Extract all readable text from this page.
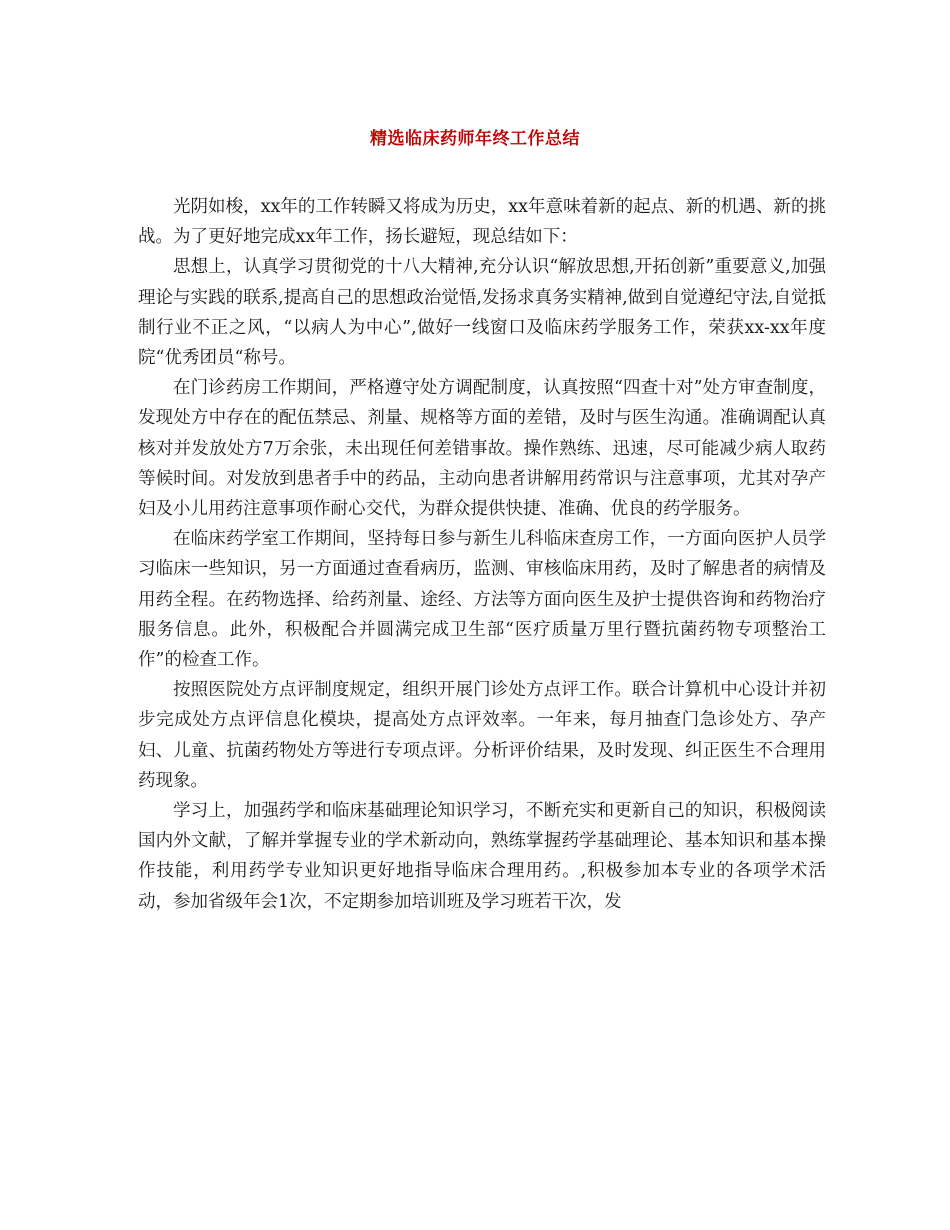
精选临床药师年终工作总结

光阴如梭，xx年的工作转瞬又将成为历史，xx年意味着新的起点、新的机遇、新的挑战。为了更好地完成xx年工作，扬长避短，现总结如下：

思想上，认真学习贯彻党的十八大精神,充分认识“解放思想,开拓创新”重要意义,加强理论与实践的联系,提高自己的思想政治觉悟,发扬求真务实精神,做到自觉遵纪守法,自觉抵制行业不正之风，“以病人为中心”,做好一线窗口及临床药学服务工作，荣获xx-xx年度院“优秀团员“称号。

在门诊药房工作期间，严格遵守处方调配制度，认真按照“四查十对”处方审查制度，发现处方中存在的配伍禁忌、剂量、规格等方面的差错，及时与医生沟通。准确调配认真核对并发放处方7万余张，未出现任何差错事故。操作熟练、迅速，尽可能减少病人取药等候时间。对发放到患者手中的药品，主动向患者讲解用药常识与注意事项，尤其对孕产妇及小儿用药注意事项作耐心交代，为群众提供快捷、准确、优良的药学服务。

在临床药学室工作期间，坚持每日参与新生儿科临床查房工作，一方面向医护人员学习临床一些知识，另一方面通过查看病历，监测、审核临床用药，及时了解患者的病情及用药全程。在药物选择、给药剂量、途经、方法等方面向医生及护士提供咨询和药物治疗服务信息。此外，积极配合并圆满完成卫生部“医疗质量万里行暨抗菌药物专项整治工作”的检查工作。

按照医院处方点评制度规定，组织开展门诊处方点评工作。联合计算机中心设计并初步完成处方点评信息化模块，提高处方点评效率。一年来，每月抽查门急诊处方、孕产妇、儿童、抗菌药物处方等进行专项点评。分析评价结果，及时发现、纠正医生不合理用药现象。

学习上，加强药学和临床基础理论知识学习，不断充实和更新自己的知识，积极阅读国内外文献，了解并掌握专业的学术新动向，熟练掌握药学基础理论、基本知识和基本操作技能，利用药学专业知识更好地指导临床合理用药。,积极参加本专业的各项学术活动，参加省级年会1次，不定期参加培训班及学习班若干次，发
